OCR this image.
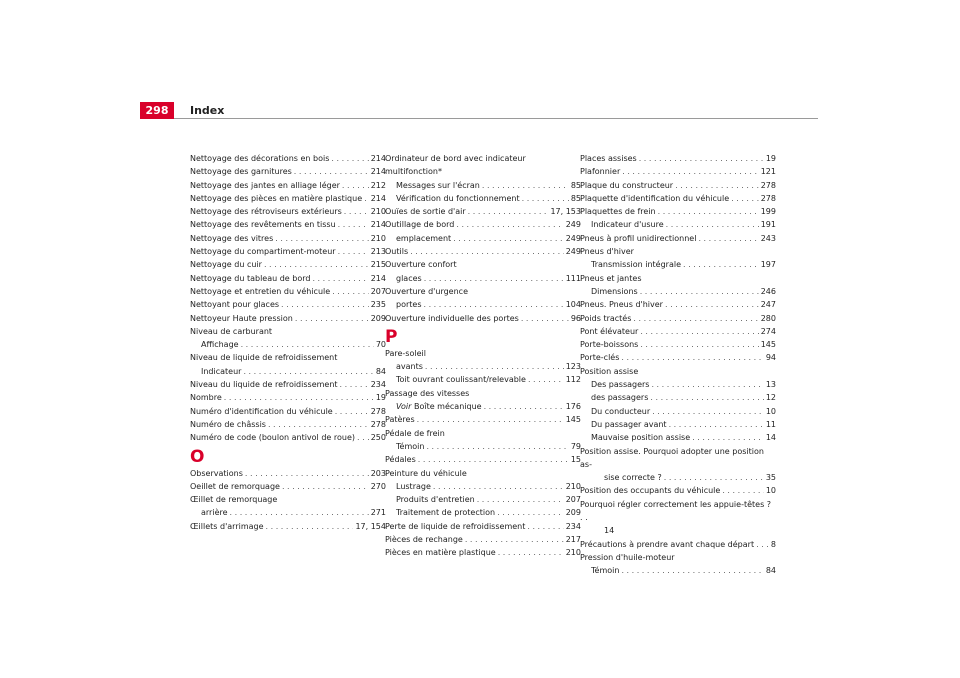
298	Index
Nettoyage des décorations en bois . . .	214
Nettoyage des garnitures . . .	214
Nettoyage des jantes en alliage léger . . .	212
Nettoyage des pièces en matière plastique . . . 214
Nettoyage des rétroviseurs extérieurs . . .	210
Nettoyage des revêtements en tissu . . .	214
Nettoyage des vitres . . .	210
Nettoyage du compartiment-moteur . . .	213
Nettoyage du cuir . . .	215
Nettoyage du tableau de bord . . .	214
Nettoyage et entretien du véhicule . . .	207
Nettoyant pour glaces . . .	235
Nettoyeur Haute pression . . .	209
Niveau de carburant
Affichage . . .	70
Niveau de liquide de refroidissement
Indicateur . . .	84
Niveau du liquide de refroidissement . . .	234
Nombre . . .	19
Numéro d'identification du véhicule . . .	278
Numéro de châssis . . .	278
Numéro de code (boulon antivol de roue) . . . 250
O
Observations . . .	203
Oeillet de remorquage . . .	270
Œillet de remorquage
arrière . . .	271
Œillets d'arrimage . . .	17, 154
Ordinateur de bord avec indicateur multifonction*
Messages sur l'écran . . .	85
Vérification du fonctionnement . . .	85
Ouïes de sortie d'air . . .	17, 153
Outillage de bord . . .	249
emplacement . . .	249
Outils . . .	249
Ouverture confort
glaces . . .	111
Ouverture d'urgence
portes . . .	104
Ouverture individuelle des portes . . .	96
P
Pare-soleil
avants . . .	123
Toit ouvrant coulissant/relevable . . .	112
Passage des vitesses
Voir Boîte mécanique . . .	176
Patères . . .	145
Pédale de frein
Témoin . . .	79
Pédales . . .	15
Peinture du véhicule
Lustrage . . .	210
Produits d'entretien . . .	207
Traitement de protection . . .	209
Perte de liquide de refroidissement . . .	234
Pièces de rechange . . .	217
Pièces en matière plastique . . .	210
Places assises . . .	19
Plafonnier . . .	121
Plaque du constructeur . . .	278
Plaquette d'identification du véhicule . . .	278
Plaquettes de frein . . .	199
Indicateur d'usure . . .	191
Pneus à profil unidirectionnel . . .	243
Pneus d'hiver
Transmission intégrale . . .	197
Pneus et jantes
Dimensions . . .	246
Pneus. Pneus d'hiver . . .	247
Poids tractés . . .	280
Pont élévateur . . .	274
Porte-boissons . . .	145
Porte-clés . . .	94
Position assise
Des passagers . . .	13
des passagers . . .	12
Du conducteur . . .	10
Du passager avant . . .	11
Mauvaise position assise . . .	14
Position assise. Pourquoi adopter une position as-
sise correcte ? . . .	35
Position des occupants du véhicule . . .	10
Pourquoi régler correctement les appuie-têtes ? . .
14
Précautions à prendre avant chaque départ . . . 8
Pression d'huile-moteur
Témoin . . .	84
